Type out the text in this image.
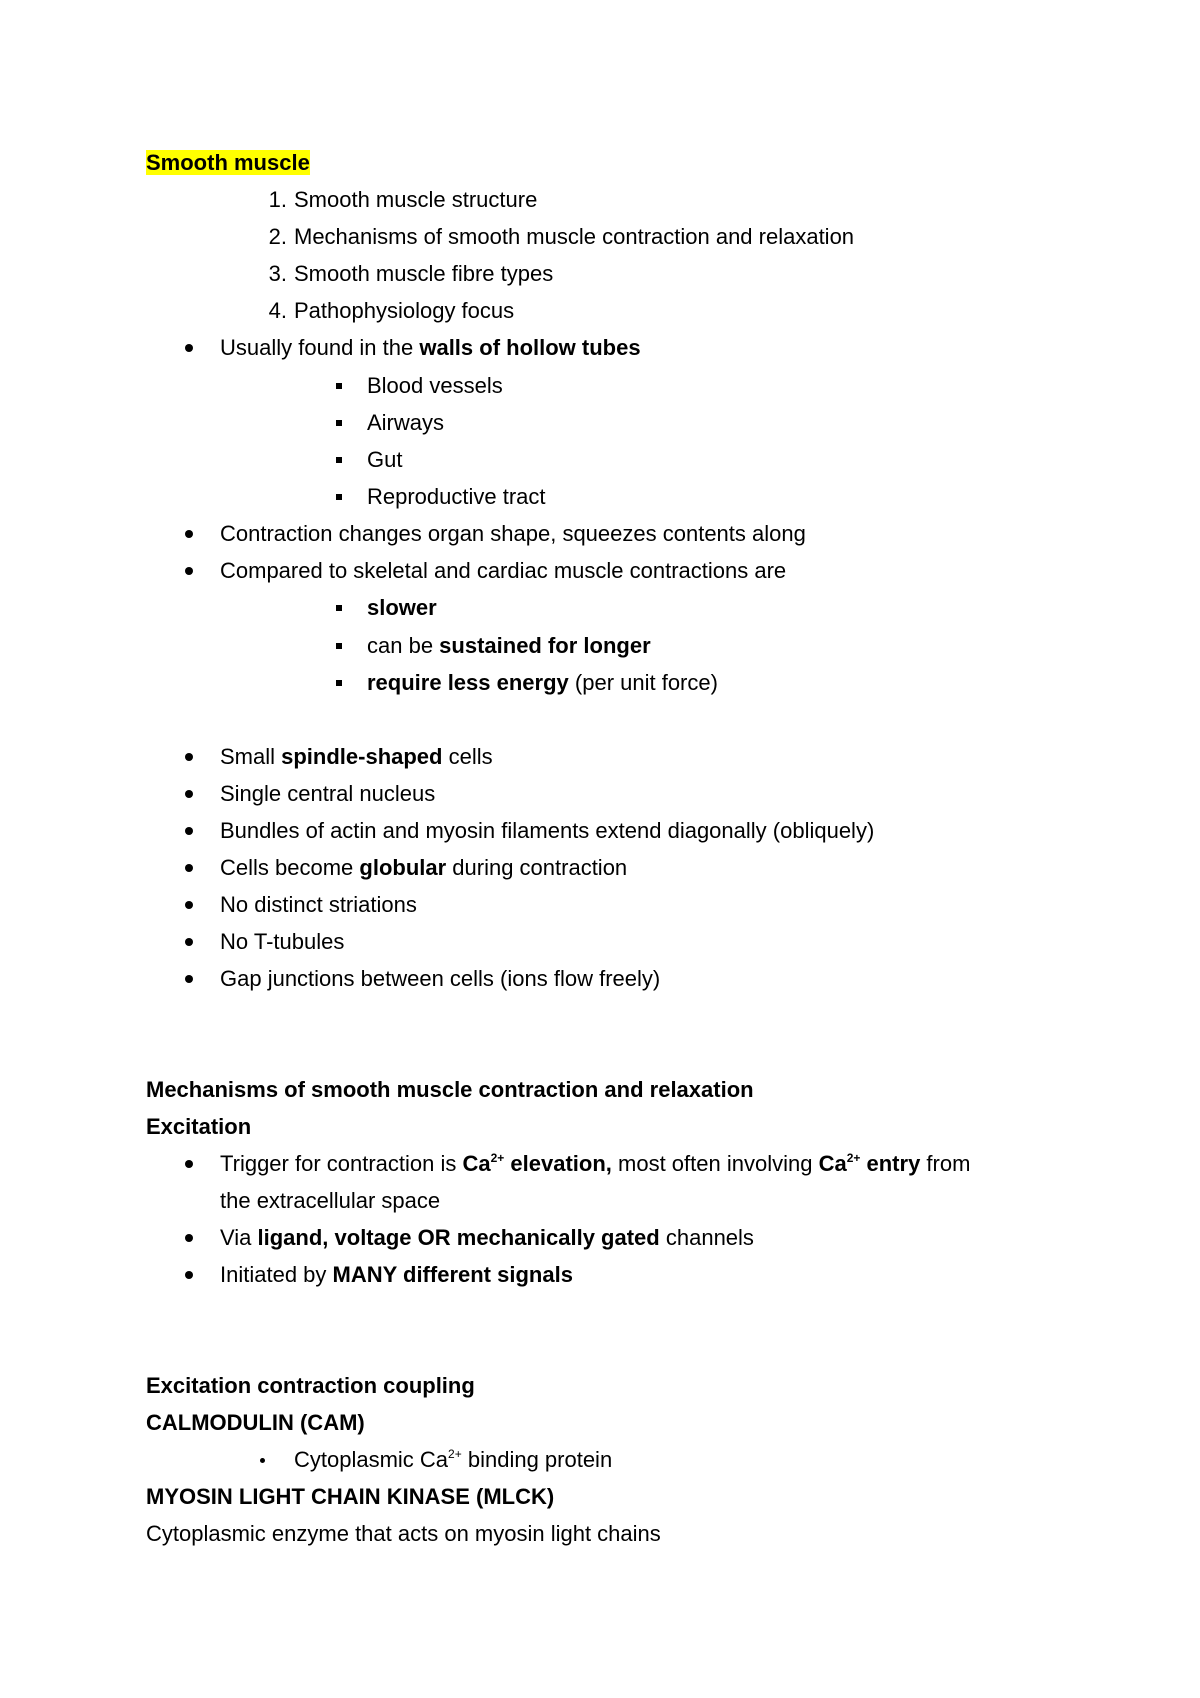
Smooth muscle
1. Smooth muscle structure
2. Mechanisms of smooth muscle contraction and relaxation
3. Smooth muscle fibre types
4. Pathophysiology focus
Usually found in the walls of hollow tubes
Blood vessels
Airways
Gut
Reproductive tract
Contraction changes organ shape, squeezes contents along
Compared to skeletal and cardiac muscle contractions are
slower
can be sustained for longer
require less energy (per unit force)
Small spindle-shaped cells
Single central nucleus
Bundles of actin and myosin filaments extend diagonally (obliquely)
Cells become globular during contraction
No distinct striations
No T-tubules
Gap junctions between cells (ions flow freely)
Mechanisms of smooth muscle contraction and relaxation
Excitation
Trigger for contraction is $Ca^{2+}$ elevation, most often involving $Ca^{2+}$ entry from
the extracellular space
Via ligand, voltage OR mechanically gated channels
Initiated by MANY different signals
Excitation contraction coupling
CALMODULIN (CAM)
Cytoplasmic $Ca^{2+}$ binding protein
MYOSIN LIGHT CHAIN KINASE (MLCK)
Cytoplasmic enzyme that acts on myosin light chains
